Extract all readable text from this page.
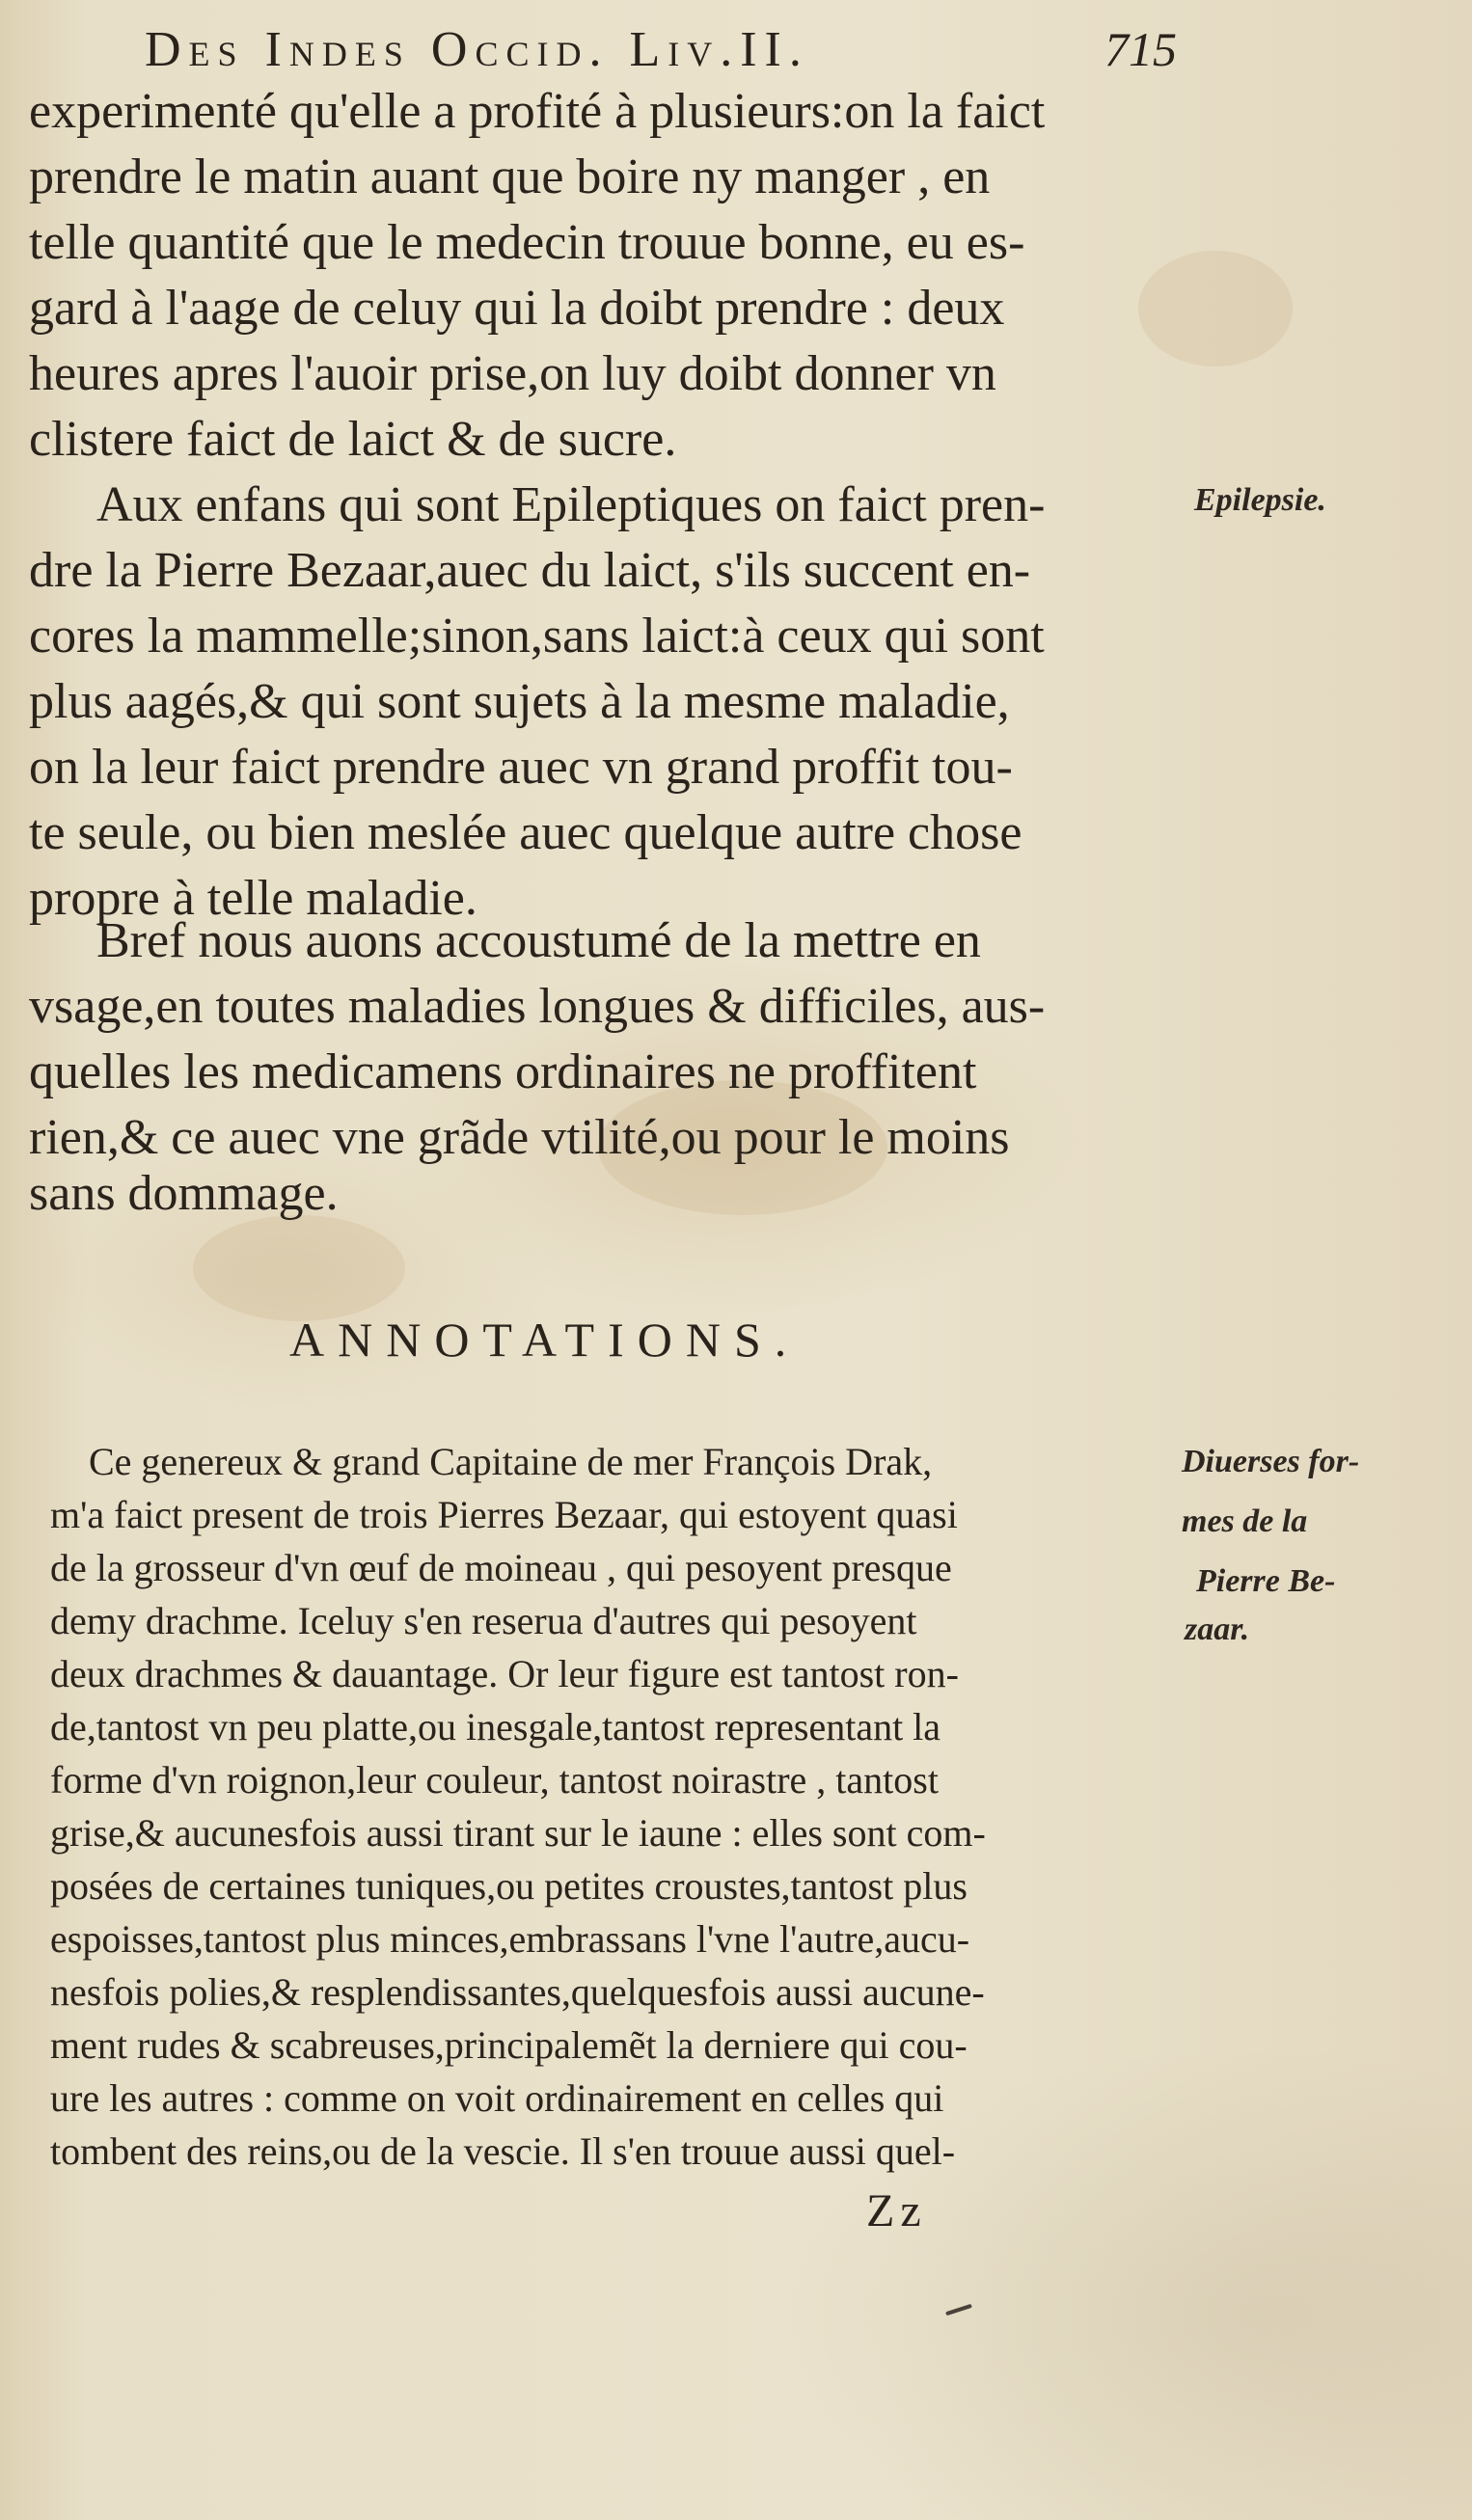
Des Indes Occid. Liv.II.	715
experimenté qu'elle a profité à plusieurs:on la faict
prendre le matin auant que boire ny manger , en
telle quantité que le medecin trouue bonne, eu es-
gard à l'aage de celuy qui la doibt prendre : deux
heures apres l'auoir prise,on luy doibt donner vn
clistere faict de laict & de sucre.
Aux enfans qui sont Epileptiques on faict pren-
dre la Pierre Bezaar,auec du laict, s'ils succent en-
cores la mammelle;sinon,sans laict:à ceux qui sont
plus aagés,& qui sont sujets à la mesme maladie,
on la leur faict prendre auec vn grand proffit tou-
te seule, ou bien meslée auec quelque autre chose
propre à telle maladie.
Bref nous auons accoustumé de la mettre en
vsage,en toutes maladies longues & difficiles, aus-
quelles les medicamens ordinaires ne proffitent
rien,& ce auec vne grãde vtilité,ou pour le moins
sans dommage.
Epilepsie.
ANNOTATIONS.
Ce genereux & grand Capitaine de mer François Drak,
m'a faict present de trois Pierres Bezaar, qui estoyent quasi
de la grosseur d'vn œuf de moineau , qui pesoyent presque
demy drachme. Iceluy s'en reserua d'autres qui pesoyent
deux drachmes & dauantage. Or leur figure est tantost ron-
de,tantost vn peu platte,ou inesgale,tantost representant la
forme d'vn roignon,leur couleur, tantost noirastre , tantost
grise,& aucunesfois aussi tirant sur le iaune : elles sont com-
posées de certaines tuniques,ou petites croustes,tantost plus
espoisses,tantost plus minces,embrassans l'vne l'autre,aucu-
nesfois polies,& resplendissantes,quelquesfois aussi aucune-
ment rudes & scabreuses,principalemẽt la derniere qui cou-
ure les autres : comme on voit ordinairement en celles qui
tombent des reins,ou de la vescie. Il s'en trouue aussi quel-
Diuerses for-
mes de la
Pierre Be-
zaar.
Zz
